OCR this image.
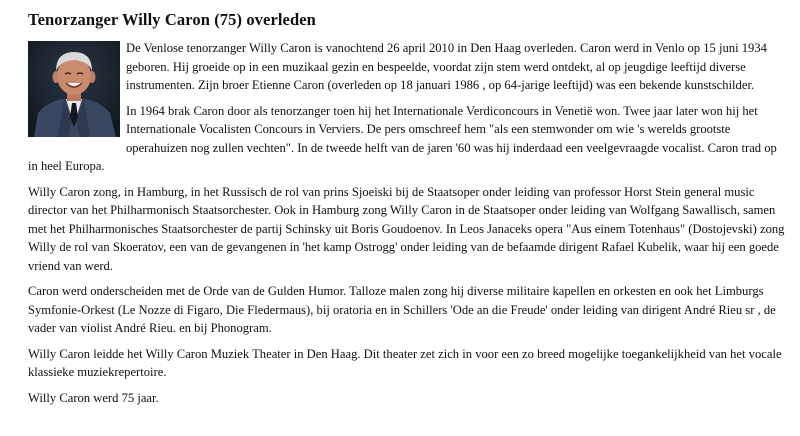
Tenorzanger Willy Caron (75) overleden

De Venlose tenorzanger Willy Caron is vanochtend 26 april 2010 in Den Haag overleden. Caron werd in Venlo op 15 juni 1934 geboren. Hij groeide op in een muzikaal gezin en bespeelde, voordat zijn stem werd ontdekt, al op jeugdige leeftijd diverse instrumenten. Zijn broer Etienne Caron (overleden op 18 januari 1986 , op 64-jarige leeftijd) was een bekende kunstschilder.

In 1964 brak Caron door als tenorzanger toen hij het Internationale Verdiconcours in Venetië won. Twee jaar later won hij het Internationale Vocalisten Concours in Verviers. De pers omschreef hem "als een stemwonder om wie 's werelds grootste operahuizen nog zullen vechten". In de tweede helft van de jaren '60 was hij inderdaad een veelgevraagde vocalist. Caron trad op in heel Europa.

Willy Caron zong, in Hamburg, in het Russisch de rol van prins Sjoeiski bij de Staatsoper onder leiding van professor Horst Stein general music director van het Philharmonisch Staatsorchester. Ook in Hamburg zong Willy Caron in de Staatsoper onder leiding van Wolfgang Sawallisch, samen met het Philharmonisches Staatsorchester de partij Schinsky uit Boris Goudoenov. In Leos Janaceks opera "Aus einem Totenhaus" (Dostojevski) zong Willy de rol van Skoeratov, een van de gevangenen in 'het kamp Ostrogg' onder leiding van de befaamde dirigent Rafael Kubelik, waar hij een goede vriend van werd.

Caron werd onderscheiden met de Orde van de Gulden Humor. Talloze malen zong hij diverse militaire kapellen en orkesten en ook het Limburgs Symfonie-Orkest (Le Nozze di Figaro, Die Fledermaus), bij oratoria en in Schillers 'Ode an die Freude' onder leiding van dirigent André Rieu sr , de vader van violist André Rieu. en bij Phonogram.

Willy Caron leidde het Willy Caron Muziek Theater in Den Haag. Dit theater zet zich in voor een zo breed mogelijke toegankelijkheid van het vocale klassieke muziekrepertoire.

Willy Caron werd 75 jaar.
